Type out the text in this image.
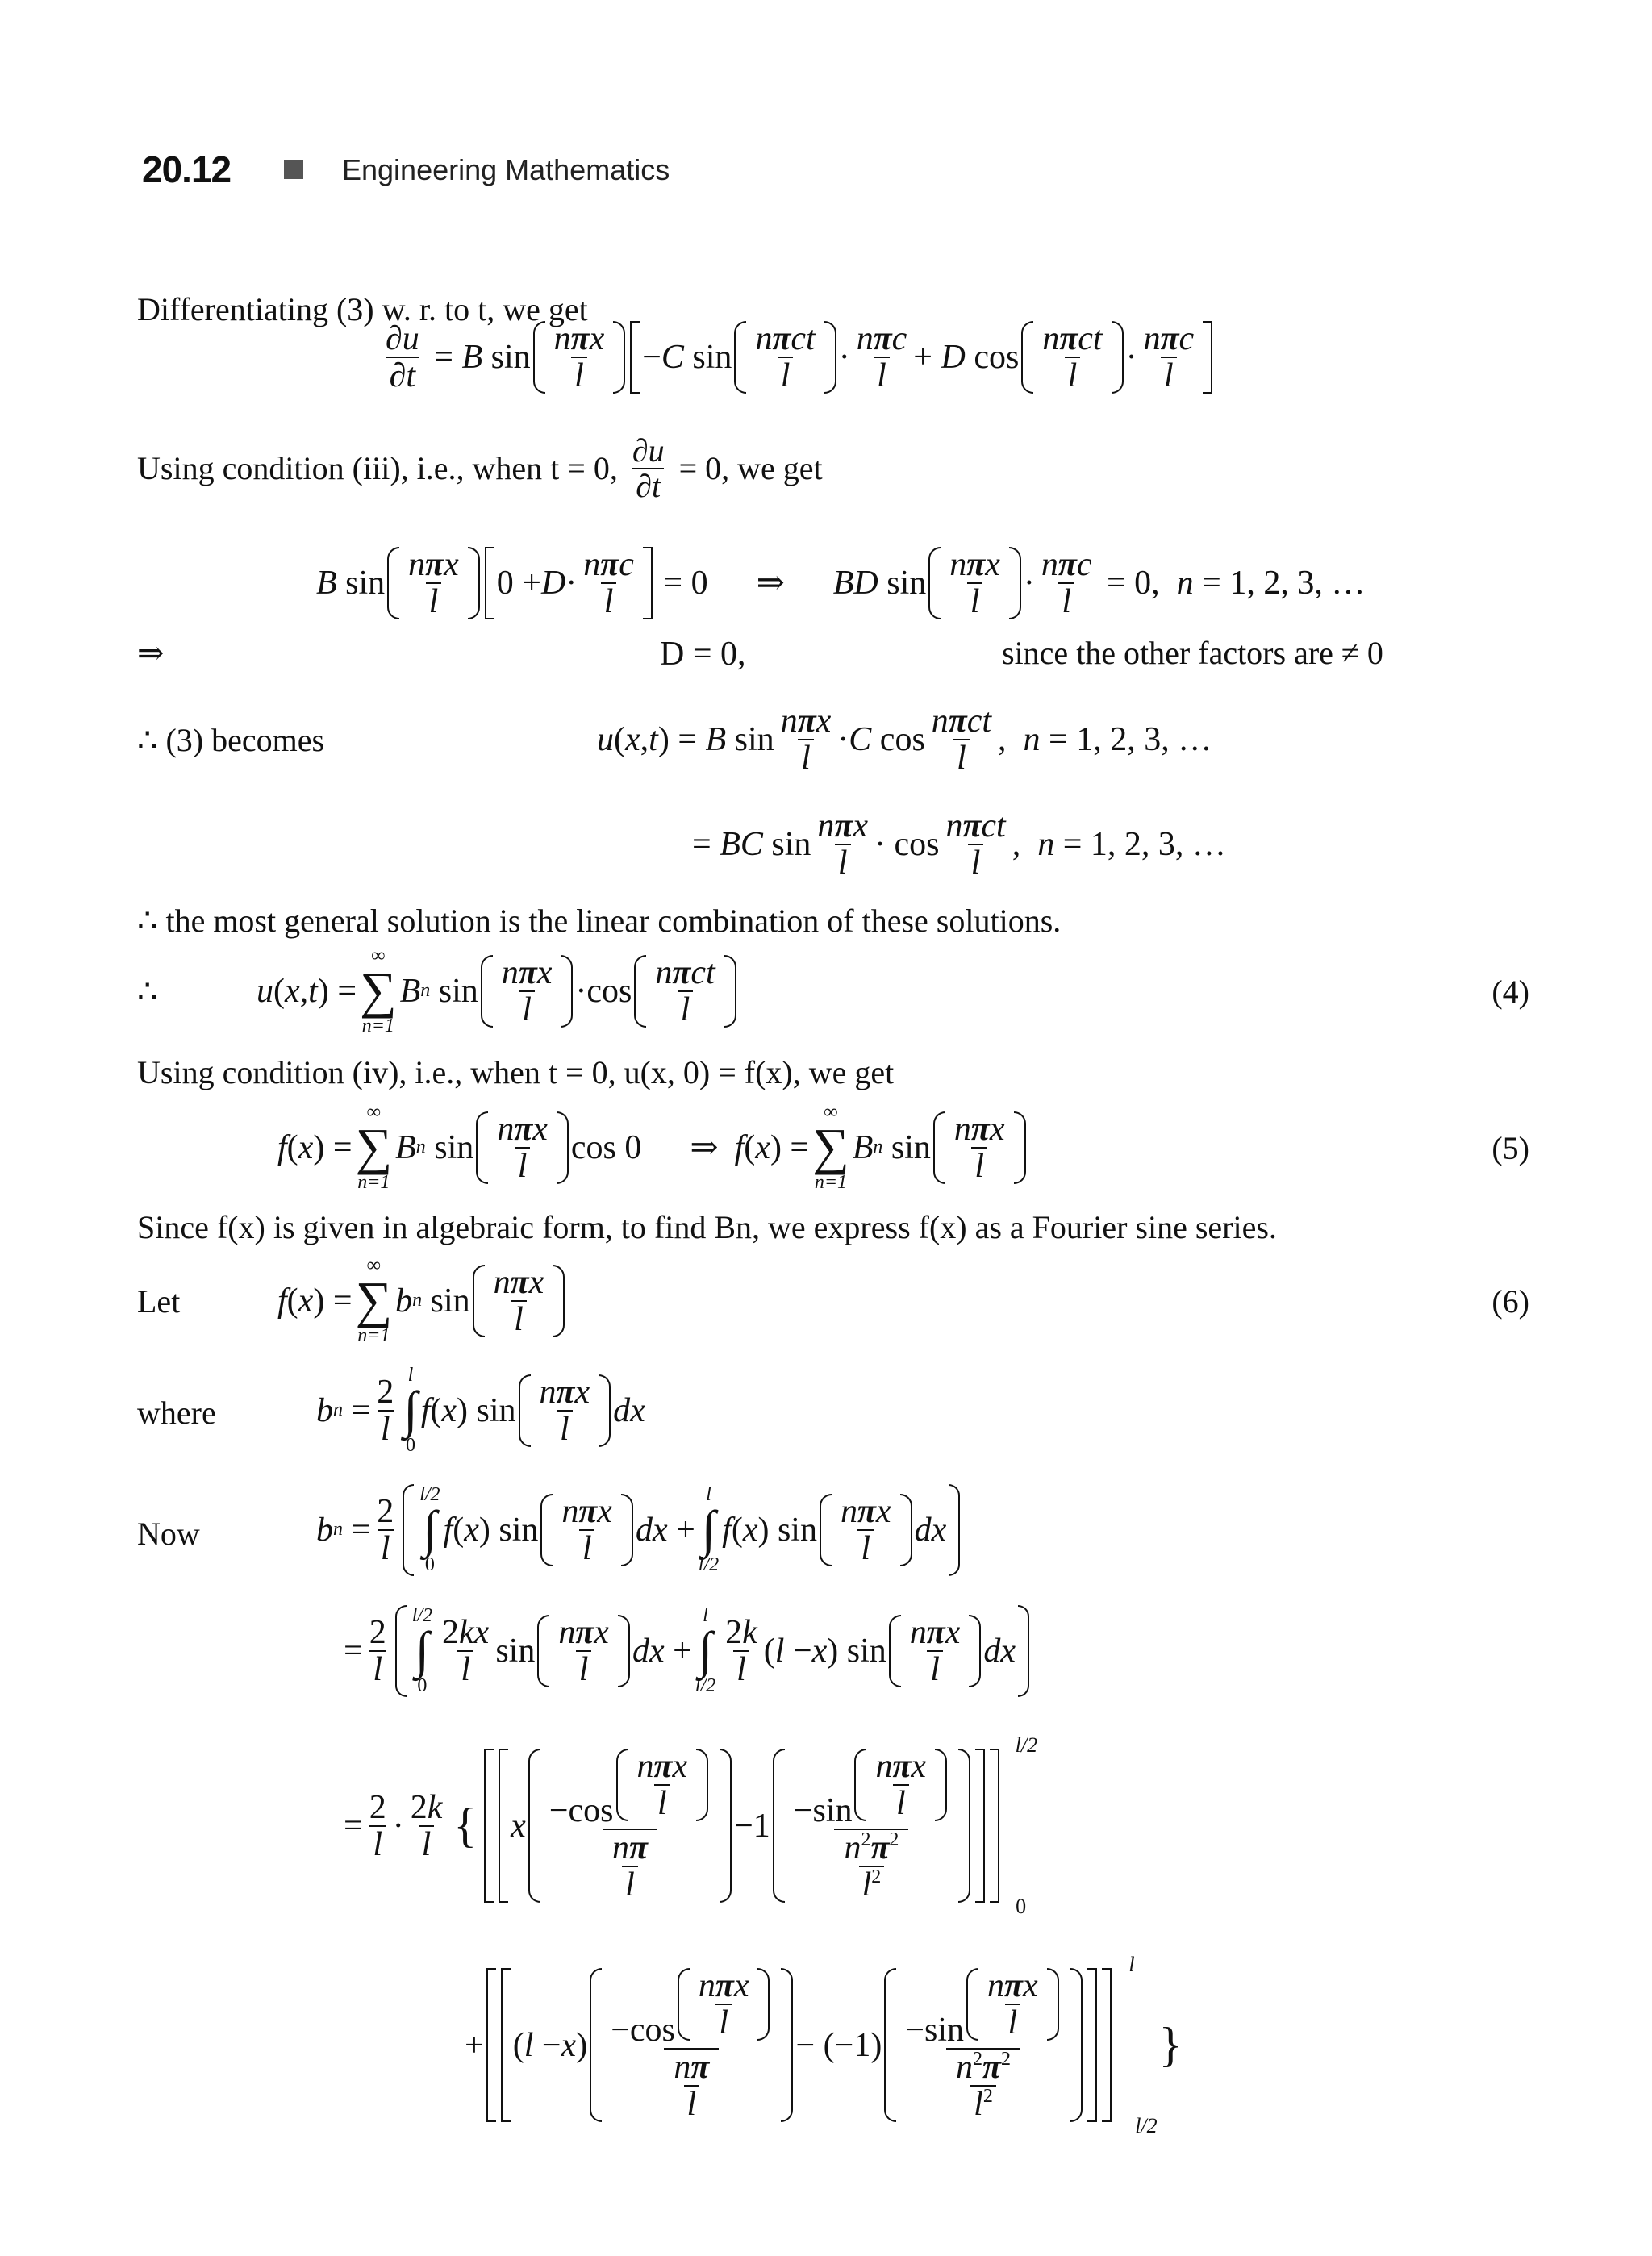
20.12	Engineering Mathematics
Differentiating (3) w. r. to t, we get
$\frac{\partial u}{\partial t} = B$ $\sin \frac{\text{nπx}}{l}$	− C $\sin \frac{\text{nπct}}{l} \cdot \frac{\text{nπc}}{l} + D$ $\cos \frac{\text{nπct}}{l} \cdot \frac{\text{nπc}}{l}$
Using condition (iii), i.e., when t = 0,
$\frac{\partial u}{\partial t}$
= 0, we get
B $\sin \frac{\text{nπx}}{l}$	$0 + D \cdot \frac{\text{nπc}}{l} = 0$ ⇒ BD $\sin \frac{\text{nπx}}{l} \cdot \frac{\text{nπc}}{l} = 0$, n = 1, 2, 3, …
⇒	D = 0,	since the other factors are ≠ 0
∴ (3) becomes	u ( x , t ) = B $\sin \frac{\text{nπx}}{l} \cdot C$ $\cos \frac{\text{nπct}}{l}$ , n = 1, 2, 3, …
= BC $\sin \frac{\text{nπx}}{l} \cdot \cos \frac{\text{nπct}}{l}$ , n = 1, 2, 3, …
∴ the most general solution is the linear combination of these solutions.
∴	u ( x , t ) =
∞
∑
n=1
B n $\sin \frac{\text{nπx}}{l} \cdot\cos \frac{\text{nπct}}{l}$	(4)
Using condition (iv), i.e., when t = 0, u(x, 0) = f(x), we get
f ( x ) =
∞
∑
n=1
B n $\sin \frac{\text{nπx}}{l}$ cos 0 ⇒ f ( x ) =
∞
∑
n=1
B n $\sin \frac{\text{nπx}}{l}$	(5)
Since f(x) is given in algebraic form, to find Bn, we express f(x) as a Fourier sine series.
Let	f ( x ) =
∞
∑
n=1
b n $\sin \frac{\text{nπx}}{l}$	(6)
where	b $n = \frac{2}{l}$ l
∫
0
f ( x ) $\sin \frac{\text{nπx}}{l}$ dx
Now	b $n = \frac{2}{l} l/2$
∫
0
f ( x ) $\sin \frac{\text{nπx}}{l}$ dx +
l
∫
l/2
f ( x ) $\sin \frac{\text{nπx}}{l}$ dx
= $\frac{2}{l} l/2$
∫
$0 \frac{2kx}{l}$ $\sin \frac{\text{nπx}}{l}$ dx +
l
∫
$l/2 \frac{2k}{l}$ ( l − x ) $\sin \frac{\text{nπx}}{l}$ dx
= $\frac{2}{l} \cdot \frac{2k}{l}$ { x $\frac{-\cos \frac{\text{nπx}}{l}}{\frac{n\pi}{l}} -1 \frac{-\sin \frac{\text{nπx}}{l}}{\frac{n^2\pi^2}{l^2}}$
$^{l/2}$
0
+ ( l − x ) $\frac{-\cos \frac{\text{nπx}}{l}}{\frac{n\pi}{l}} - (-1) \frac{-\sin \frac{\text{nπx}}{l}}{\frac{n^2\pi^2}{l^2}}$
$^l$
l/2
}
